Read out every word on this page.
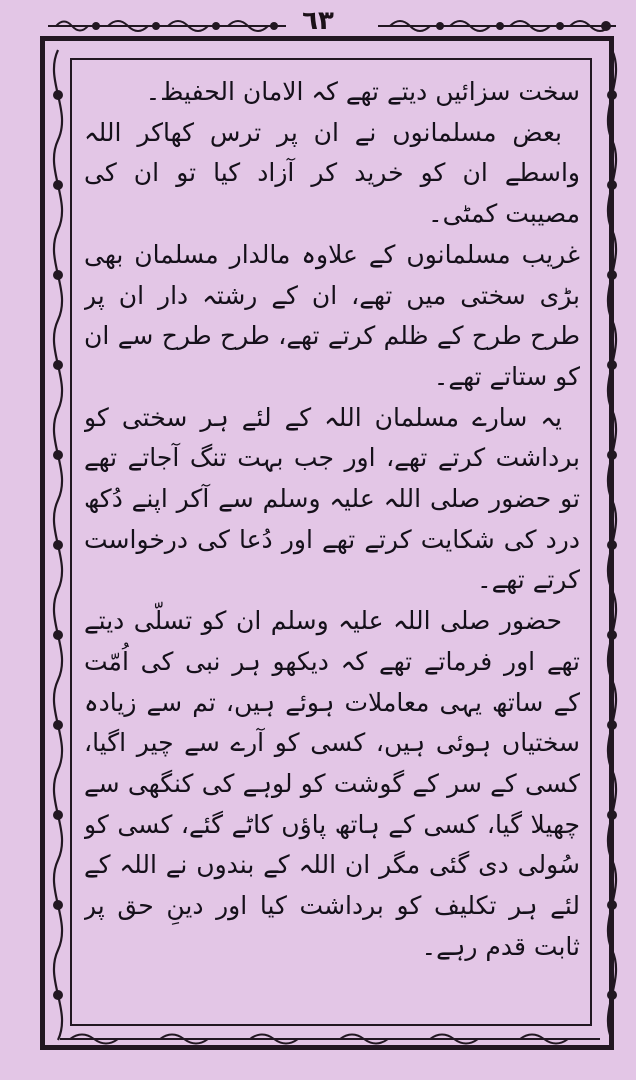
٦٣

سخت سزائیں دیتے تھے کہ الامان الحفیظ۔

بعض مسلمانوں نے ان پر ترس کھاکر اللہ واسطے ان کو خرید کر آزاد کیا تو ان کی مصیبت کمٹی۔

غریب مسلمانوں کے علاوہ مالدار مسلمان بھی بڑی سختی میں تھے، ان کے رشتہ دار ان پر طرح طرح کے ظلم کرتے تھے، طرح طرح سے ان کو ستاتے تھے۔

یہ سارے مسلمان اللہ کے لئے ہر سختی کو برداشت کرتے تھے، اور جب بہت تنگ آجاتے تھے تو حضور صلی اللہ علیہ وسلم سے آکر اپنے دُکھ درد کی شکایت کرتے تھے اور دُعا کی درخواست کرتے تھے۔

حضور صلی اللہ علیہ وسلم ان کو تسلّی دیتے تھے اور فرماتے تھے کہ دیکھو ہر نبی کی اُمّت کے ساتھ یہی معاملات ہوئے ہیں، تم سے زیادہ سختیاں ہوئی ہیں، کسی کو آرے سے چیر اگیا، کسی کے سر کے گوشت کو لوہے کی کنگھی سے چھیلا گیا، کسی کے ہاتھ پاؤں کاٹے گئے، کسی کو سُولی دی گئی مگر ان اللہ کے بندوں نے اللہ کے لئے ہر تکلیف کو برداشت کیا اور دینِ حق پر ثابت قدم رہے۔
